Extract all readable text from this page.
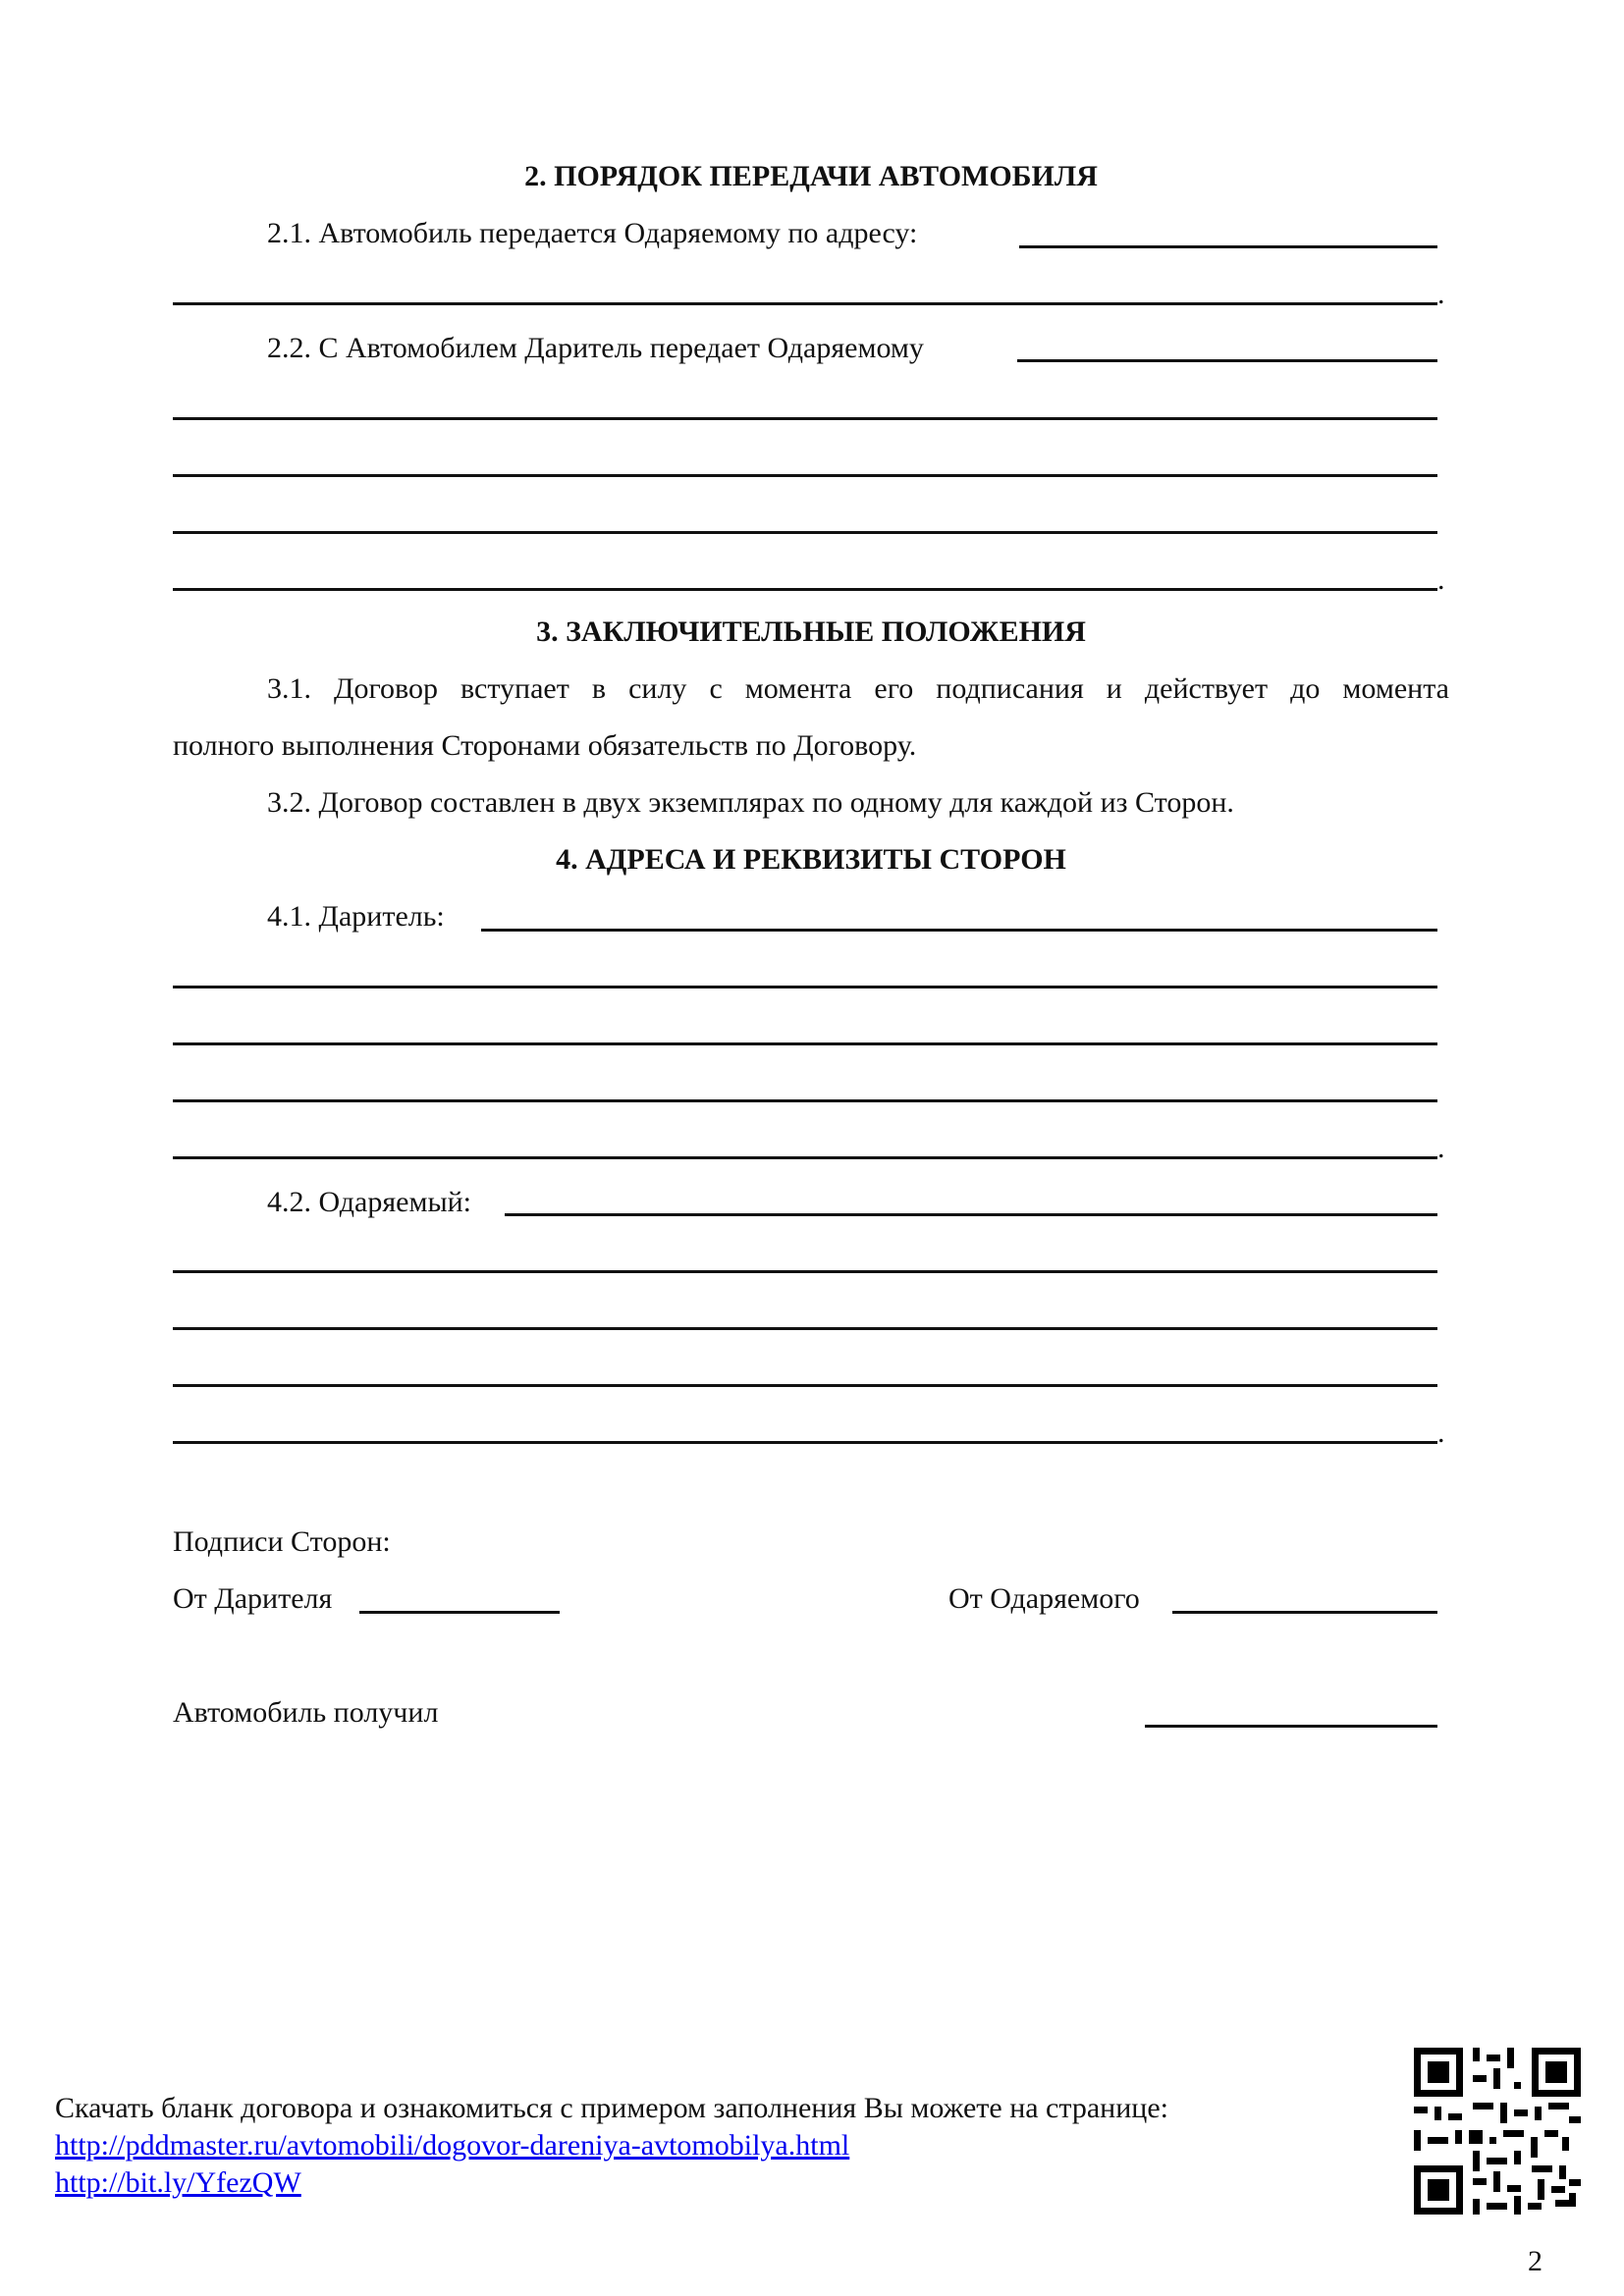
2. ПОРЯДОК ПЕРЕДАЧИ АВТОМОБИЛЯ
2.1. Автомобиль передается Одаряемому по адресу:
.
2.2. С Автомобилем Даритель передает Одаряемому
.
3. ЗАКЛЮЧИТЕЛЬНЫЕ ПОЛОЖЕНИЯ
3.1. Договор вступает в силу с момента его подписания и действует до момента
полного выполнения Сторонами обязательств по Договору.
3.2. Договор составлен в двух экземплярах по одному для каждой из Сторон.
4. АДРЕСА И РЕКВИЗИТЫ СТОРОН
4.1. Даритель:
.
4.2. Одаряемый:
.
Подписи Сторон:
От Дарителя	От Одаряемого
Автомобиль получил
Скачать бланк договора и ознакомиться с примером заполнения Вы можете на странице:
http://pddmaster.ru/avtomobili/dogovor-dareniya-avtomobilya.html
http://bit.ly/YfezQW
2
